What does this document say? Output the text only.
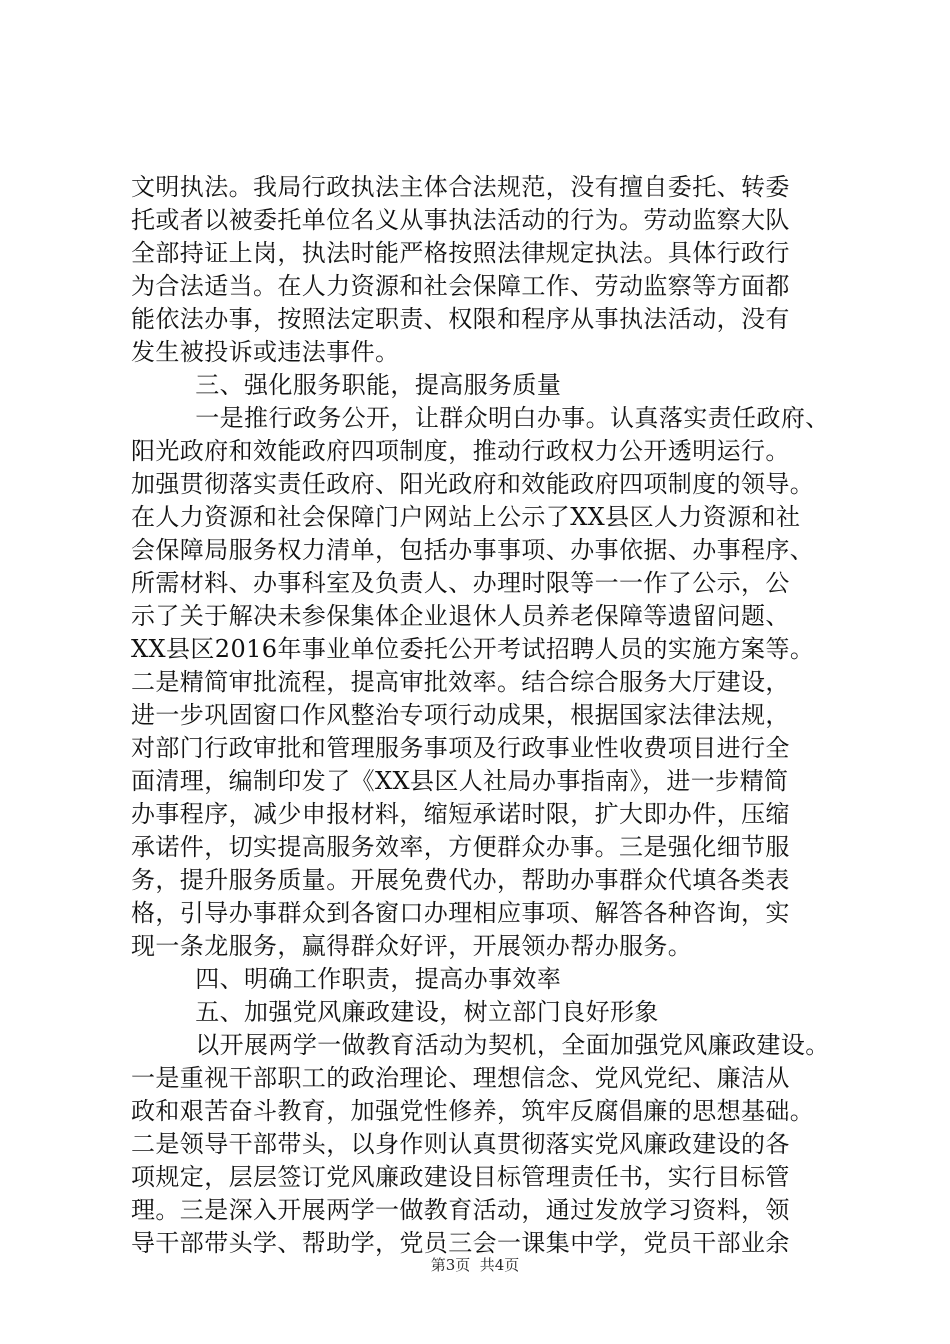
文明执法。我局行政执法主体合法规范，没有擅自委托、转委
托或者以被委托单位名义从事执法活动的行为。劳动监察大队
全部持证上岗，执法时能严格按照法律规定执法。具体行政行
为合法适当。在人力资源和社会保障工作、劳动监察等方面都
能依法办事，按照法定职责、权限和程序从事执法活动，没有
发生被投诉或违法事件。
三、强化服务职能，提高服务质量
一是推行政务公开，让群众明白办事。认真落实责任政府、
阳光政府和效能政府四项制度，推动行政权力公开透明运行。
加强贯彻落实责任政府、阳光政府和效能政府四项制度的领导。
在人力资源和社会保障门户网站上公示了XX县区人力资源和社
会保障局服务权力清单，包括办事事项、办事依据、办事程序、
所需材料、办事科室及负责人、办理时限等一一作了公示，公
示了关于解决未参保集体企业退休人员养老保障等遗留问题、
XX县区2016年事业单位委托公开考试招聘人员的实施方案等。
二是精简审批流程，提高审批效率。结合综合服务大厅建设，
进一步巩固窗口作风整治专项行动成果，根据国家法律法规，
对部门行政审批和管理服务事项及行政事业性收费项目进行全
面清理，编制印发了《XX县区人社局办事指南》，进一步精简
办事程序，减少申报材料，缩短承诺时限，扩大即办件，压缩
承诺件，切实提高服务效率，方便群众办事。三是强化细节服
务，提升服务质量。开展免费代办，帮助办事群众代填各类表
格，引导办事群众到各窗口办理相应事项、解答各种咨询，实
现一条龙服务，赢得群众好评，开展领办帮办服务。
四、明确工作职责，提高办事效率
五、加强党风廉政建设，树立部门良好形象
以开展两学一做教育活动为契机，全面加强党风廉政建设。
一是重视干部职工的政治理论、理想信念、党风党纪、廉洁从
政和艰苦奋斗教育，加强党性修养，筑牢反腐倡廉的思想基础。
二是领导干部带头，以身作则认真贯彻落实党风廉政建设的各
项规定，层层签订党风廉政建设目标管理责任书，实行目标管
理。三是深入开展两学一做教育活动，通过发放学习资料，领
导干部带头学、帮助学，党员三会一课集中学，党员干部业余
第3页  共4页
